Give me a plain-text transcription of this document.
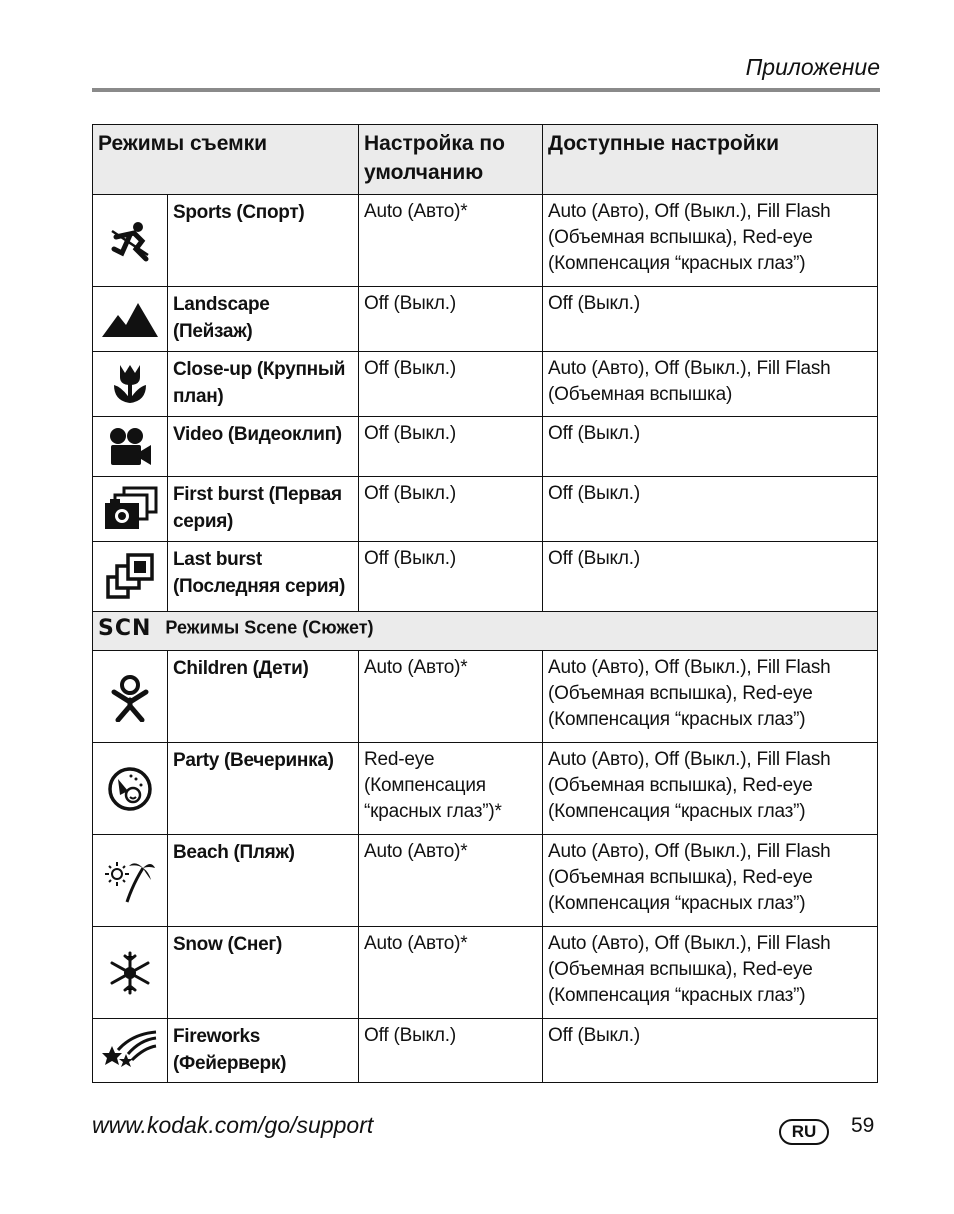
Приложение
Режимы съемки		Настройка по умолчанию	Доступные настройки

	Sports (Спорт)	Auto (Авто)*	Auto (Авто), Off (Выкл.), Fill Flash (Объемная вспышка), Red-eye (Компенсация “красных глаз”)

	Landscape (Пейзаж)	Off (Выкл.)	Off (Выкл.)

	Close-up (Крупный план)	Off (Выкл.)	Auto (Авто), Off (Выкл.), Fill Flash (Объемная вспышка)

	Video (Видеоклип)	Off (Выкл.)	Off (Выкл.)

	First burst (Первая серия)	Off (Выкл.)	Off (Выкл.)

	Last burst (Последняя серия)	Off (Выкл.)	Off (Выкл.)
SCN Режимы Scene (Сюжет)			

	Children (Дети)	Auto (Авто)*	Auto (Авто), Off (Выкл.), Fill Flash (Объемная вспышка), Red-eye (Компенсация “красных глаз”)

	Party (Вечеринка)	Red-eye (Компенсация “красных глаз”)*	Auto (Авто), Off (Выкл.), Fill Flash (Объемная вспышка), Red-eye (Компенсация “красных глаз”)

	Beach (Пляж)	Auto (Авто)*	Auto (Авто), Off (Выкл.), Fill Flash (Объемная вспышка), Red-eye (Компенсация “красных глаз”)

	Snow (Снег)	Auto (Авто)*	Auto (Авто), Off (Выкл.), Fill Flash (Объемная вспышка), Red-eye (Компенсация “красных глаз”)

	Fireworks (Фейерверк)	Off (Выкл.)	Off (Выкл.)
www.kodak.com/go/support	RU	59
